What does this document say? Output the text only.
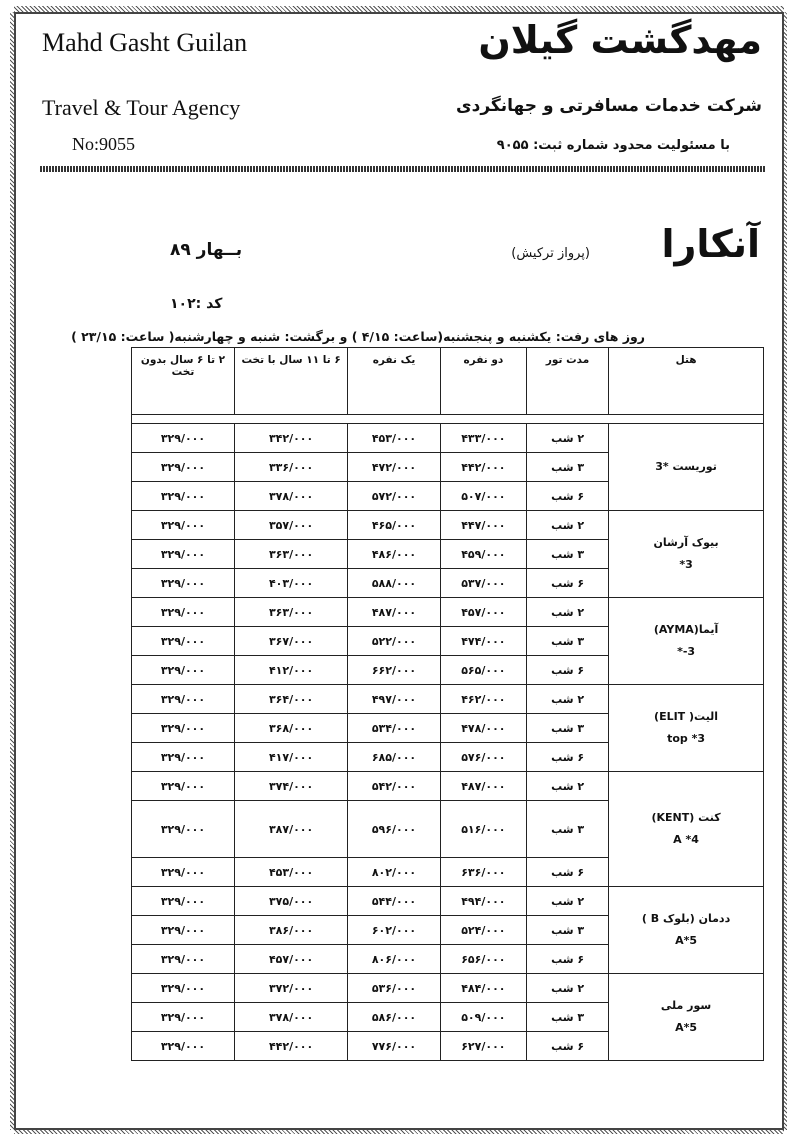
Mahd Gasht Guilan
Travel & Tour Agency
No:9055
مهدگشت گیلان
شرکت خدمات مسافرتی و جهانگردی
با مسئولیت محدود شماره ثبت: ۹۰۵۵
آنکارا
(پرواز ترکیش)
بــهار ۸۹
کد :۱۰۲
روز های رفت: یکشنبه و پنجشنبه(ساعت: ۴/۱۵ ) و برگشت: شنبه و چهارشنبه( ساعت: ۲۳/۱۵ )
هتل	مدت تور	دو نفره	یک نفره	۶ تا ۱۱ سال با تخت	۲ تا ۶ سال بدون تخت

توریست *3	۲ شب	۴۳۳/۰۰۰	۴۵۳/۰۰۰	۳۴۲/۰۰۰	۳۲۹/۰۰۰
	۳ شب	۴۴۲/۰۰۰	۴۷۲/۰۰۰	۳۳۶/۰۰۰	۳۲۹/۰۰۰
	۶ شب	۵۰۷/۰۰۰	۵۷۲/۰۰۰	۳۷۸/۰۰۰	۳۲۹/۰۰۰

بیوک آرشان
3*	۲ شب	۴۴۷/۰۰۰	۴۶۵/۰۰۰	۳۵۷/۰۰۰	۳۲۹/۰۰۰
	۳ شب	۴۵۹/۰۰۰	۴۸۶/۰۰۰	۳۶۳/۰۰۰	۳۲۹/۰۰۰
	۶ شب	۵۳۷/۰۰۰	۵۸۸/۰۰۰	۴۰۳/۰۰۰	۳۲۹/۰۰۰

آیما(AYMA)
3-*	۲ شب	۴۵۷/۰۰۰	۴۸۷/۰۰۰	۳۶۳/۰۰۰	۳۲۹/۰۰۰
	۳ شب	۴۷۴/۰۰۰	۵۲۲/۰۰۰	۳۶۷/۰۰۰	۳۲۹/۰۰۰
	۶ شب	۵۶۵/۰۰۰	۶۶۲/۰۰۰	۴۱۲/۰۰۰	۳۲۹/۰۰۰

الیت( ELIT)
3* top	۲ شب	۴۶۲/۰۰۰	۴۹۷/۰۰۰	۳۶۴/۰۰۰	۳۲۹/۰۰۰
	۳ شب	۴۷۸/۰۰۰	۵۳۴/۰۰۰	۳۶۸/۰۰۰	۳۲۹/۰۰۰
	۶ شب	۵۷۶/۰۰۰	۶۸۵/۰۰۰	۴۱۷/۰۰۰	۳۲۹/۰۰۰

کنت (KENT)
4* A	۲ شب	۴۸۷/۰۰۰	۵۴۲/۰۰۰	۳۷۴/۰۰۰	۳۲۹/۰۰۰
	۳ شب	۵۱۶/۰۰۰	۵۹۶/۰۰۰	۳۸۷/۰۰۰	۳۲۹/۰۰۰
	۶ شب	۶۳۶/۰۰۰	۸۰۲/۰۰۰	۴۵۳/۰۰۰	۳۲۹/۰۰۰

ددمان (بلوک B )
5*A	۲ شب	۴۹۴/۰۰۰	۵۴۴/۰۰۰	۳۷۵/۰۰۰	۳۲۹/۰۰۰
	۳ شب	۵۲۴/۰۰۰	۶۰۲/۰۰۰	۳۸۶/۰۰۰	۳۲۹/۰۰۰
	۶ شب	۶۵۶/۰۰۰	۸۰۶/۰۰۰	۴۵۷/۰۰۰	۳۲۹/۰۰۰

سور ملی
5*A	۲ شب	۴۸۴/۰۰۰	۵۳۶/۰۰۰	۳۷۲/۰۰۰	۳۲۹/۰۰۰
	۳ شب	۵۰۹/۰۰۰	۵۸۶/۰۰۰	۳۷۸/۰۰۰	۳۲۹/۰۰۰
	۶ شب	۶۲۷/۰۰۰	۷۷۶/۰۰۰	۴۴۲/۰۰۰	۳۲۹/۰۰۰
